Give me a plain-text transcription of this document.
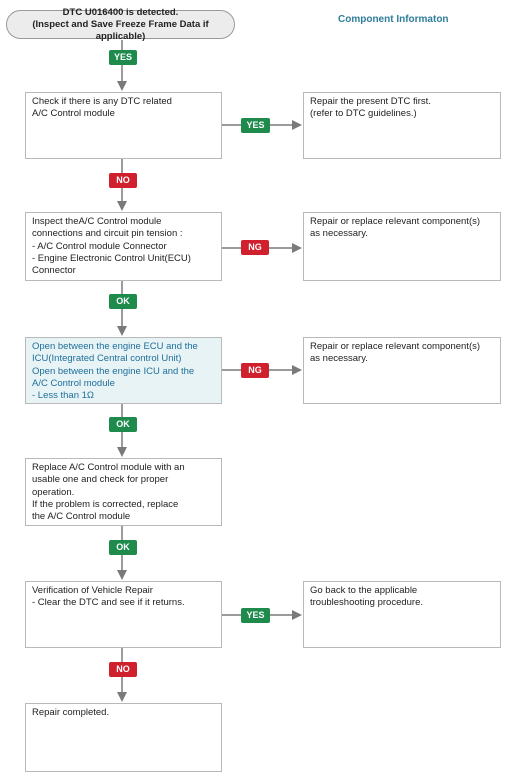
DTC U016400 is detected.
(Inspect and Save Freeze Frame Data if applicable)
Component Informaton
YES
Check if there is any DTC related
A/C Control module
YES
Repair the present DTC first.
(refer to DTC guidelines.)
NO
Inspect theA/C Control module
connections and circuit pin tension :
- A/C Control module Connector
- Engine Electronic Control Unit(ECU)
Connector
NG
Repair or replace relevant component(s)
as necessary.
OK
Open between the engine ECU and the
ICU(Integrated Central control Unit)
Open between the engine ICU and the
A/C Control module
- Less than 1Ω
NG
Repair or replace relevant component(s)
as necessary.
OK
Replace A/C Control module with an
usable one and check for proper
operation.
If the problem is corrected, replace
the A/C Control module
OK
Verification of Vehicle Repair
- Clear the DTC and see if it returns.
YES
Go back to the applicable
troubleshooting procedure.
NO
Repair completed.
